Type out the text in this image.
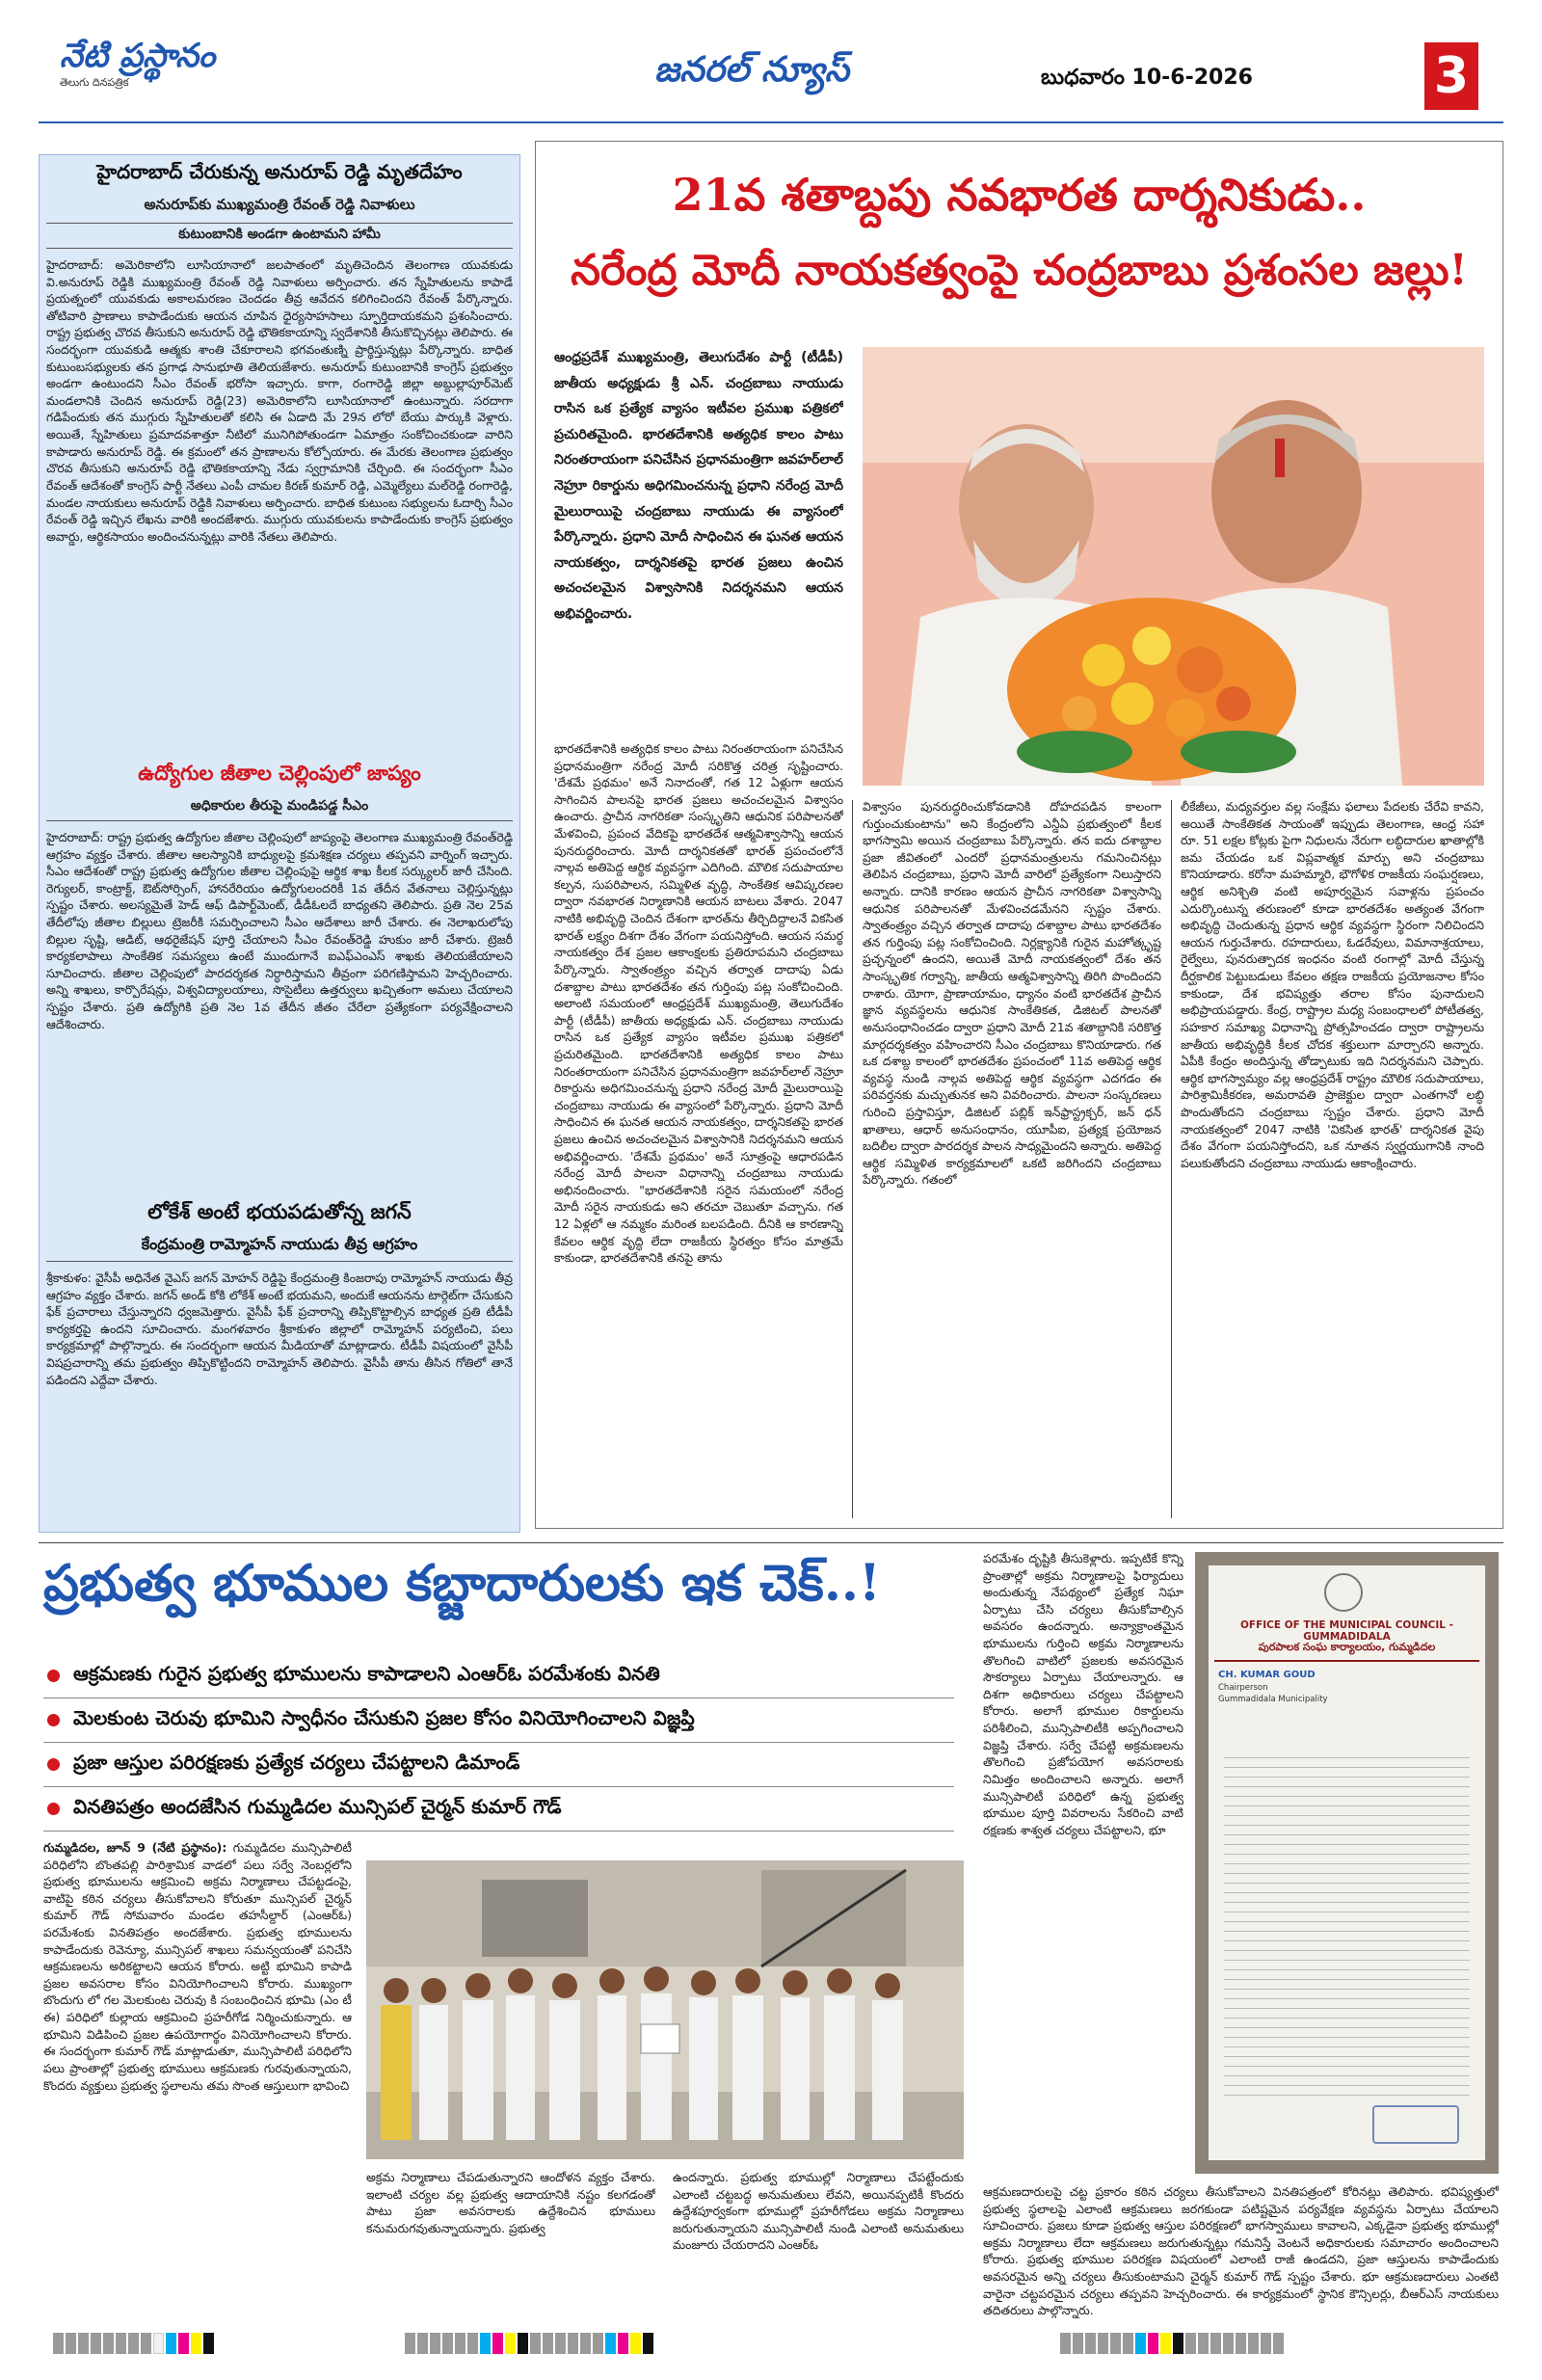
నేటి ప్రస్థానం
తెలుగు దినపత్రిక	జనరల్ న్యూస్	బుధవారం 10-6-2026	3
హైదరాబాద్ చేరుకున్న అనురూప్ రెడ్డి మృతదేహం
అనురూప్‌కు ముఖ్యమంత్రి రేవంత్ రెడ్డి నివాళులు
కుటుంబానికి అండగా ఉంటామని హామీ
హైదరాబాద్: అమెరికాలోని లూసియానాలో జలపాతంలో మృతిచెందిన తెలంగాణ యువకుడు వి.అనురూప్ రెడ్డికి ముఖ్యమంత్రి రేవంత్ రెడ్డి నివాళులు అర్పించారు. తన స్నేహితులను కాపాడే ప్రయత్నంలో యువకుడు అకాలమరణం చెందడం తీవ్ర ఆవేదన కలిగించిందని రేవంత్ పేర్కొన్నారు. తోటివారి ప్రాణాలు కాపాడేందుకు ఆయన చూపిన ధైర్యసాహసాలు స్ఫూర్తిదాయకమని ప్రశంసించారు. రాష్ట్ర ప్రభుత్వ చొరవ తీసుకుని అనురూప్ రెడ్డి భౌతికకాయాన్ని స్వదేశానికి తీసుకొచ్చినట్లు తెలిపారు. ఈ సందర్భంగా యువకుడి ఆత్మకు శాంతి చేకూరాలని భగవంతుణ్ని ప్రార్థిస్తున్నట్లు పేర్కొన్నారు. బాధిత కుటుంబసభ్యులకు తన ప్రగాఢ సానుభూతి తెలియజేశారు. అనురూప్ కుటుంబానికి కాంగ్రెస్ ప్రభుత్వం అండగా ఉంటుందని సీఎం రేవంత్ భరోసా ఇచ్చారు. కాగా, రంగారెడ్డి జిల్లా అబ్దుల్లాపూర్‌మెట్ మండలానికి చెందిన అనురూప్ రెడ్డి(23) అమెరికాలోని లూసియానాలో ఉంటున్నారు. సరదాగా గడిపేందుకు తన ముగ్గురు స్నేహితులతో కలిసి ఈ ఏడాది మే 29న లోరో బేయు పార్కుకి వెళ్లారు. అయితే, స్నేహితులు ప్రమాదవశాత్తూ నీటిలో మునిగిపోతుండగా ఏమాత్రం సంకోచించకుండా వారిని కాపాడారు అనురూప్ రెడ్డి. ఈ క్రమంలో తన ప్రాణాలను కోల్పోయారు. ఈ మేరకు తెలంగాణ ప్రభుత్వం చొరవ తీసుకుని అనురూప్ రెడ్డి భౌతికకాయాన్ని నేడు స్వగ్రామానికి చేర్చింది. ఈ సందర్భంగా సీఎం రేవంత్ ఆదేశంతో కాంగ్రెస్ పార్టీ నేతలు ఎంపీ చామల కిరణ్ కుమార్ రెడ్డి, ఎమ్మెల్యేలు మల్‌రెడ్డి రంగారెడ్డి, మండల నాయకులు అనురూప్ రెడ్డికి నివాళులు అర్పించారు. బాధిత కుటుంబ సభ్యులను ఓదార్చి సీఎం రేవంత్ రెడ్డి ఇచ్చిన లేఖను వారికి అందజేశారు. ముగ్గురు యువకులను కాపాడేందుకు కాంగ్రెస్ ప్రభుత్వం అవార్డు, ఆర్థికసాయం అందించనున్నట్లు వారికి నేతలు తెలిపారు.
ఉద్యోగుల జీతాల చెల్లింపులో జాప్యం
అధికారుల తీరుపై మండిపడ్డ సీఎం
హైదరాబాద్: రాష్ట్ర ప్రభుత్వ ఉద్యోగుల జీతాల చెల్లింపులో జాప్యంపై తెలంగాణ ముఖ్యమంత్రి రేవంత్‌రెడ్డి ఆగ్రహం వ్యక్తం చేశారు. జీతాల ఆలస్యానికి బాధ్యులపై క్రమశిక్షణ చర్యలు తప్పవని వార్నింగ్ ఇచ్చారు. సీఎం ఆదేశంతో రాష్ట్ర ప్రభుత్వ ఉద్యోగుల జీతాల చెల్లింపుపై ఆర్థిక శాఖ కీలక సర్క్యులర్ జారీ చేసింది. రెగ్యులర్, కాంట్రాక్ట్, ఔట్‌సోర్సింగ్, హానరేరియం ఉద్యోగులందరికీ 1వ తేదీన వేతనాలు చెల్లిస్తున్నట్లు స్పష్టం చేశారు. అలస్యమైతే హెడ్ ఆఫ్ డిపార్ట్‌మెంట్, డీడీఓలదే బాధ్యతని తెలిపారు. ప్రతి నెల 25వ తేదీలోపు జీతాల బిల్లులు ట్రెజరీకి సమర్పించాలని సీఎం ఆదేశాలు జారీ చేశారు. ఈ నెలాఖరులోపు బిల్లుల సృష్టి, ఆడిట్, ఆథరైజేషన్ పూర్తి చేయాలని సీఎం రేవంత్‌రెడ్డి హుకుం జారీ చేశారు. ట్రెజరీ కార్యకలాపాలు సాంకేతిక సమస్యలు ఉంటే ముందుగానే ఐఎఫ్‌ఎంఎస్ శాఖకు తెలియజేయాలని సూచించారు. జీతాల చెల్లింపులో పారదర్శకత నిర్ధారిస్తామని తీవ్రంగా పరిగణిస్తామని హెచ్చరించారు. అన్ని శాఖలు, కార్పొరేషన్లు, విశ్వవిద్యాలయాలు, సొసైటీలు ఉత్తర్వులు ఖచ్చితంగా అమలు చేయాలని స్పష్టం చేశారు. ప్రతి ఉద్యోగికి ప్రతి నెల 1వ తేదీన జీతం చేరేలా ప్రత్యేకంగా పర్యవేక్షించాలని ఆదేశించారు.
లోకేశ్ అంటే భయపడుతోన్న జగన్
కేంద్రమంత్రి రామ్మోహన్ నాయుడు తీవ్ర ఆగ్రహం
శ్రీకాకుళం: వైసీపీ అధినేత వైఎస్ జగన్ మోహన్ రెడ్డిపై కేంద్రమంత్రి కింజరాపు రామ్మోహన్ నాయుడు తీవ్ర ఆగ్రహం వ్యక్తం చేశారు. జగన్ అండ్ కోకి లోకేశ్ అంటే భయమని, అందుకే ఆయనను టార్గెట్‌గా చేసుకుని ఫేక్ ప్రచారాలు చేస్తున్నారని ధ్వజమెత్తారు. వైసీపీ ఫేక్ ప్రచారాన్ని తిప్పికొట్టాల్సిన బాధ్యత ప్రతి టీడీపీ కార్యకర్తపై ఉందని సూచించారు. మంగళవారం శ్రీకాకుళం జిల్లాలో రామ్మోహన్ పర్యటించి, పలు కార్యక్రమాల్లో పాల్గొన్నారు. ఈ సందర్భంగా ఆయన మీడియాతో మాట్లాడారు. టీడీపీ విషయంలో వైసీపీ విషప్రచారాన్ని తమ ప్రభుత్వం తిప్పికొట్టిందని రామ్మోహన్ తెలిపారు. వైసీపీ తాను తీసిన గోతిలో తానే పడిందని ఎద్దేవా చేశారు.
21వ శతాబ్దపు నవభారత దార్శనికుడు..
నరేంద్ర మోదీ నాయకత్వంపై చంద్రబాబు ప్రశంసల జల్లు!
ఆంధ్రప్రదేశ్ ముఖ్యమంత్రి, తెలుగుదేశం పార్టీ (టీడీపీ) జాతీయ అధ్యక్షుడు శ్రీ ఎన్. చంద్రబాబు నాయుడు రాసిన ఒక ప్రత్యేక వ్యాసం ఇటీవల ప్రముఖ పత్రికలో ప్రచురితమైంది. భారతదేశానికి అత్యధిక కాలం పాటు నిరంతరాయంగా పనిచేసిన ప్రధానమంత్రిగా జవహర్‌లాల్ నెహ్రూ రికార్డును అధిగమించనున్న ప్రధాని నరేంద్ర మోదీ మైలురాయిపై చంద్రబాబు నాయుడు ఈ వ్యాసంలో పేర్కొన్నారు. ప్రధాని మోదీ సాధించిన ఈ ఘనత ఆయన నాయకత్వం, దార్శనికతపై భారత ప్రజలు ఉంచిన అచంచలమైన విశ్వాసానికి నిదర్శనమని ఆయన అభివర్ణించారు.
భారతదేశానికి అత్యధిక కాలం పాటు నిరంతరాయంగా పనిచేసిన ప్రధానమంత్రిగా నరేంద్ర మోదీ సరికొత్త చరిత్ర సృష్టించారు. 'దేశమే ప్రథమం' అనే నినాదంతో, గత 12 ఏళ్లుగా ఆయన సాగించిన పాలనపై భారత ప్రజలు అచంచలమైన విశ్వాసం ఉంచారు. ప్రాచీన నాగరికతా సంస్కృతిని ఆధునిక పరిపాలనతో మేళవించి, ప్రపంచ వేదికపై భారతదేశ ఆత్మవిశ్వాసాన్ని ఆయన పునరుద్ధరించారు. మోదీ దార్శనికతతో భారత్ ప్రపంచంలోనే నాల్గవ అతిపెద్ద ఆర్థిక వ్యవస్థగా ఎదిగింది. మౌలిక సదుపాయాల కల్పన, సుపరిపాలన, సమ్మిళిత వృద్ధి, సాంకేతిక ఆవిష్కరణల ద్వారా నవభారత నిర్మాణానికి ఆయన బాటలు వేశారు. 2047 నాటికి అభివృద్ధి చెందిన దేశంగా భారత్‌ను తీర్చిదిద్దాలనే వికసిత భారత్ లక్ష్యం దిశగా దేశం వేగంగా పయనిస్తోంది. ఆయన సమర్థ నాయకత్వం దేశ ప్రజల ఆకాంక్షలకు ప్రతిరూపమని చంద్రబాబు పేర్కొన్నారు. స్వాతంత్ర్యం వచ్చిన తర్వాత దాదాపు ఏడు దశాబ్దాల పాటు భారతదేశం తన గుర్తింపు పట్ల సంకోచించింది. అలాంటి సమయంలో ఆంధ్రప్రదేశ్ ముఖ్యమంత్రి, తెలుగుదేశం పార్టీ (టీడీపీ) జాతీయ అధ్యక్షుడు ఎన్. చంద్రబాబు నాయుడు రాసిన ఒక ప్రత్యేక వ్యాసం ఇటీవల ప్రముఖ పత్రికలో ప్రచురితమైంది. భారతదేశానికి అత్యధిక కాలం పాటు నిరంతరాయంగా పనిచేసిన ప్రధానమంత్రిగా జవహర్‌లాల్ నెహ్రూ రికార్డును అధిగమించనున్న ప్రధాని నరేంద్ర మోదీ మైలురాయిపై చంద్రబాబు నాయుడు ఈ వ్యాసంలో పేర్కొన్నారు. ప్రధాని మోదీ సాధించిన ఈ ఘనత ఆయన నాయకత్వం, దార్శనికతపై భారత ప్రజలు ఉంచిన అచంచలమైన విశ్వాసానికి నిదర్శనమని ఆయన అభివర్ణించారు. 'దేశమే ప్రథమం' అనే సూత్రంపై ఆధారపడిన నరేంద్ర మోదీ పాలనా విధానాన్ని చంద్రబాబు నాయుడు అభినందించారు. "భారతదేశానికి సరైన సమయంలో నరేంద్ర మోదీ సరైన నాయకుడు అని తరచూ చెబుతూ వచ్చాను. గత 12 ఏళ్లలో ఆ నమ్మకం మరింత బలపడింది. దీనికి ఆ కారణాన్ని కేవలం ఆర్థిక వృద్ధి లేదా రాజకీయ స్థిరత్వం కోసం మాత్రమే కాకుండా, భారతదేశానికి తనపై తాను
విశ్వాసం పునరుద్ధరించుకోవడానికి దోహదపడిన కాలంగా గుర్తుంచుకుంటాను" అని కేంద్రంలోని ఎన్డీఏ ప్రభుత్వంలో కీలక భాగస్వామి అయిన చంద్రబాబు పేర్కొన్నారు. తన ఐదు దశాబ్దాల ప్రజా జీవితంలో ఎందరో ప్రధానమంత్రులను గమనించినట్లు తెలిపిన చంద్రబాబు, ప్రధాని మోదీ వారిలో ప్రత్యేకంగా నిలుస్తారని అన్నారు. దానికి కారణం ఆయన ప్రాచీన నాగరికతా విశ్వాసాన్ని ఆధునిక పరిపాలనతో మేళవించడమేనని స్పష్టం చేశారు. స్వాతంత్ర్యం వచ్చిన తర్వాత దాదాపు దశాబ్దాల పాటు భారతదేశం తన గుర్తింపు పట్ల సంకోచించింది. నిర్లక్ష్యానికి గురైన మహోత్కృష్ట ప్రచ్ఛన్నంలో ఉందని, అయితే మోదీ నాయకత్వంలో దేశం తన సాంస్కృతిక గర్వాన్ని, జాతీయ ఆత్మవిశ్వాసాన్ని తిరిగి పొందిందని రాశారు. యోగా, ప్రాణాయామం, ధ్యానం వంటి భారతదేశ ప్రాచీన జ్ఞాన వ్యవస్థలను ఆధునిక సాంకేతికత, డిజిటల్ పాలనతో అనుసంధానించడం ద్వారా ప్రధాని మోదీ 21వ శతాబ్దానికి సరికొత్త మార్గదర్శకత్వం వహించారని సీఎం చంద్రబాబు కొనియాడారు. గత ఒక దశాబ్ద కాలంలో భారతదేశం ప్రపంచంలో 11వ అతిపెద్ద ఆర్థిక వ్యవస్థ నుండి నాల్గవ అతిపెద్ద ఆర్థిక వ్యవస్థగా ఎదగడం ఈ పరివర్తనకు మచ్చుతునక అని వివరించారు. పాలనా సంస్కరణలు గురించి ప్రస్తావిస్తూ, డిజిటల్ పబ్లిక్ ఇన్‌ఫ్రాస్ట్రక్చర్, జన్ ధన్ ఖాతాలు, ఆధార్ అనుసంధానం, యూపీఐ, ప్రత్యక్ష ప్రయోజన బదిలీల ద్వారా పారదర్శక పాలన సాధ్యమైందని అన్నారు. అతిపెద్ద ఆర్థిక సమ్మిళిత కార్యక్రమాలలో ఒకటి జరిగిందని చంద్రబాబు పేర్కొన్నారు. గతంలో
లీకేజీలు, మధ్యవర్తుల వల్ల సంక్షేమ ఫలాలు పేదలకు చేరేవి కావని, అయితే సాంకేతికత సాయంతో ఇప్పుడు తెలంగాణ, ఆంధ్ర సహా రూ. 51 లక్షల కోట్లకు పైగా నిధులను నేరుగా లబ్ధిదారుల ఖాతాల్లోకి జమ చేయడం ఒక విప్లవాత్మక మార్పు అని చంద్రబాబు కొనియాడారు. కరోనా మహమ్మారి, భౌగోళిక రాజకీయ సంఘర్షణలు, ఆర్థిక అనిశ్చితి వంటి అపూర్వమైన సవాళ్లను ప్రపంచం ఎదుర్కొంటున్న తరుణంలో కూడా భారతదేశం అత్యంత వేగంగా అభివృద్ధి చెందుతున్న ప్రధాన ఆర్థిక వ్యవస్థగా స్థిరంగా నిలిచిందని ఆయన గుర్తుచేశారు. రహదారులు, ఓడరేవులు, విమానాశ్రయాలు, రైల్వేలు, పునరుత్పాదక ఇంధనం వంటి రంగాల్లో మోదీ చేస్తున్న దీర్ఘకాలిక పెట్టుబడులు కేవలం తక్షణ రాజకీయ ప్రయోజనాల కోసం కాకుండా, దేశ భవిష్యత్తు తరాల కోసం పునాదులని అభిప్రాయపడ్డారు. కేంద్ర, రాష్ట్రాల మధ్య సంబంధాలలో పోటీతత్వ, సహకార సమాఖ్య విధానాన్ని ప్రోత్సహించడం ద్వారా రాష్ట్రాలను జాతీయ అభివృద్ధికి కీలక చోదక శక్తులుగా మార్చారని అన్నారు. ఏపీకి కేంద్రం అందిస్తున్న తోడ్పాటుకు ఇది నిదర్శనమని చెప్పారు. ఆర్థిక భాగస్వామ్యం వల్ల ఆంధ్రప్రదేశ్ రాష్ట్రం మౌలిక సదుపాయాలు, పారిశ్రామికీకరణ, అమరావతి ప్రాజెక్టుల ద్వారా ఎంతగానో లబ్ధి పొందుతోందని చంద్రబాబు స్పష్టం చేశారు. ప్రధాని మోదీ నాయకత్వంలో 2047 నాటికి 'వికసిత భారత్' దార్శనికత వైపు దేశం వేగంగా పయనిస్తోందని, ఒక నూతన స్వర్ణయుగానికి నాంది పలుకుతోందని చంద్రబాబు నాయుడు ఆకాంక్షించారు.
ప్రభుత్వ భూముల కబ్జాదారులకు ఇక చెక్..!
ఆక్రమణకు గురైన ప్రభుత్వ భూములను కాపాడాలని ఎంఆర్ఓ పరమేశంకు వినతి
మెలకుంట చెరువు భూమిని స్వాధీనం చేసుకుని ప్రజల కోసం వినియోగించాలని విజ్ఞప్తి
ప్రజా ఆస్తుల పరిరక్షణకు ప్రత్యేక చర్యలు చేపట్టాలని డిమాండ్
వినతిపత్రం అందజేసిన గుమ్మడిదల మున్సిపల్ చైర్మన్ కుమార్ గౌడ్
గుమ్మడిదల, జూన్ 9 (నేటి ప్రస్థానం): గుమ్మడిదల మున్సిపాలిటీ పరిధిలోని బొంతపల్లి పారిశ్రామిక వాడలో పలు సర్వే నెంబర్లలోని ప్రభుత్వ భూములను ఆక్రమించి అక్రమ నిర్మాణాలు చేపట్టడంపై, వాటిపై కఠిన చర్యలు తీసుకోవాలని కోరుతూ మున్సిపల్ చైర్మన్ కుమార్ గౌడ్ సోమవారం మండల తహసీల్దార్ (ఎంఆర్ఓ) పరమేశంకు వినతిపత్రం అందజేశారు. ప్రభుత్వ భూములను కాపాడేందుకు రెవెన్యూ, మున్సిపల్ శాఖలు సమన్వయంతో పనిచేసి ఆక్రమణలను అరికట్టాలని ఆయన కోరారు. అట్టి భూమిని కాపాడి ప్రజల అవసరాల కోసం వినియోగించాలని కోరారు. ముఖ్యంగా బొందుగు లో గల మెలకుంట చెరువు కి సంబంధించిన భూమి (ఎం టీ ఈ) పరిధిలో కుల్లాయ ఆక్రమించి ప్రహరీగోడ నిర్మించుకున్నారు. ఆ భూమిని విడిపించి ప్రజల ఉపయోగార్థం వినియోగించాలని కోరారు. ఈ సందర్భంగా కుమార్ గౌడ్ మాట్లాడుతూ, మున్సిపాలిటీ పరిధిలోని పలు ప్రాంతాల్లో ప్రభుత్వ భూములు ఆక్రమణకు గురవుతున్నాయని, కొందరు వ్యక్తులు ప్రభుత్వ స్థలాలను తమ సొంత ఆస్తులుగా భావించి
అక్రమ నిర్మాణాలు చేపడుతున్నారని ఆందోళన వ్యక్తం చేశారు. ఇలాంటి చర్యల వల్ల ప్రభుత్వ ఆదాయానికి నష్టం కలగడంతో పాటు ప్రజా అవసరాలకు ఉద్దేశించిన భూములు కనుమరుగవుతున్నాయన్నారు. ప్రభుత్వ
ఉందన్నారు. ప్రభుత్వ భూముల్లో నిర్మాణాలు చేపట్టేందుకు ఎలాంటి చట్టబద్ధ అనుమతులు లేవని, అయినప్పటికీ కొందరు ఉద్దేశపూర్వకంగా భూముల్లో ప్రహరీగోడలు అక్రమ నిర్మాణాలు జరుగుతున్నాయని మున్సిపాలిటీ నుండి ఎలాంటి అనుమతులు మంజూరు చేయరాదని ఎంఆర్ఓ
పరమేశం దృష్టికి తీసుకెళ్లారు. ఇప్పటికే కొన్ని ప్రాంతాల్లో అక్రమ నిర్మాణాలపై ఫిర్యాదులు అందుతున్న నేపథ్యంలో ప్రత్యేక నిఘా ఏర్పాటు చేసి చర్యలు తీసుకోవాల్సిన అవసరం ఉందన్నారు. అన్యాక్రాంతమైన భూములను గుర్తించి అక్రమ నిర్మాణాలను తొలగించి వాటిలో ప్రజలకు అవసరమైన సౌకర్యాలు ఏర్పాటు చేయాలన్నారు. ఆ దిశగా అధికారులు చర్యలు చేపట్టాలని కోరారు. అలాగే భూముల రికార్డులను పరిశీలించి, మున్సిపాలిటీకి అప్పగించాలని విజ్ఞప్తి చేశారు. సర్వే చేపట్టి అక్రమణలను తొలగించి ప్రజోపయోగ అవసరాలకు నిమిత్తం అందించాలని అన్నారు. అలాగే మున్సిపాలిటీ పరిధిలో ఉన్న ప్రభుత్వ భూముల పూర్తి వివరాలను సేకరించి వాటి రక్షణకు శాశ్వత చర్యలు చేపట్టాలని, భూ
OFFICE OF THE MUNICIPAL COUNCIL - GUMMADIDALA
పురపాలక సంఘ కార్యాలయం, గుమ్మడిదల
CH. KUMAR GOUD
Chairperson
Gummadidala Municipality
ఆక్రమణదారులపై చట్ట ప్రకారం కఠిన చర్యలు తీసుకోవాలని వినతిపత్రంలో కోరినట్లు తెలిపారు. భవిష్యత్తులో ప్రభుత్వ స్థలాలపై ఎలాంటి ఆక్రమణలు జరగకుండా పటిష్టమైన పర్యవేక్షణ వ్యవస్థను ఏర్పాటు చేయాలని సూచించారు. ప్రజలు కూడా ప్రభుత్వ ఆస్తుల పరిరక్షణలో భాగస్వాములు కావాలని, ఎక్కడైనా ప్రభుత్వ భూముల్లో అక్రమ నిర్మాణాలు లేదా ఆక్రమణలు జరుగుతున్నట్లు గమనిస్తే వెంటనే అధికారులకు సమాచారం అందించాలని కోరారు. ప్రభుత్వ భూముల పరిరక్షణ విషయంలో ఎలాంటి రాజీ ఉండదని, ప్రజా ఆస్తులను కాపాడేందుకు అవసరమైన అన్ని చర్యలు తీసుకుంటామని చైర్మన్ కుమార్ గౌడ్ స్పష్టం చేశారు. భూ ఆక్రమణదారులు ఎంతటి వారైనా చట్టపరమైన చర్యలు తప్పవని హెచ్చరించారు. ఈ కార్యక్రమంలో స్థానిక కౌన్సిలర్లు, బీఆర్ఎస్ నాయకులు తదితరులు పాల్గొన్నారు.
